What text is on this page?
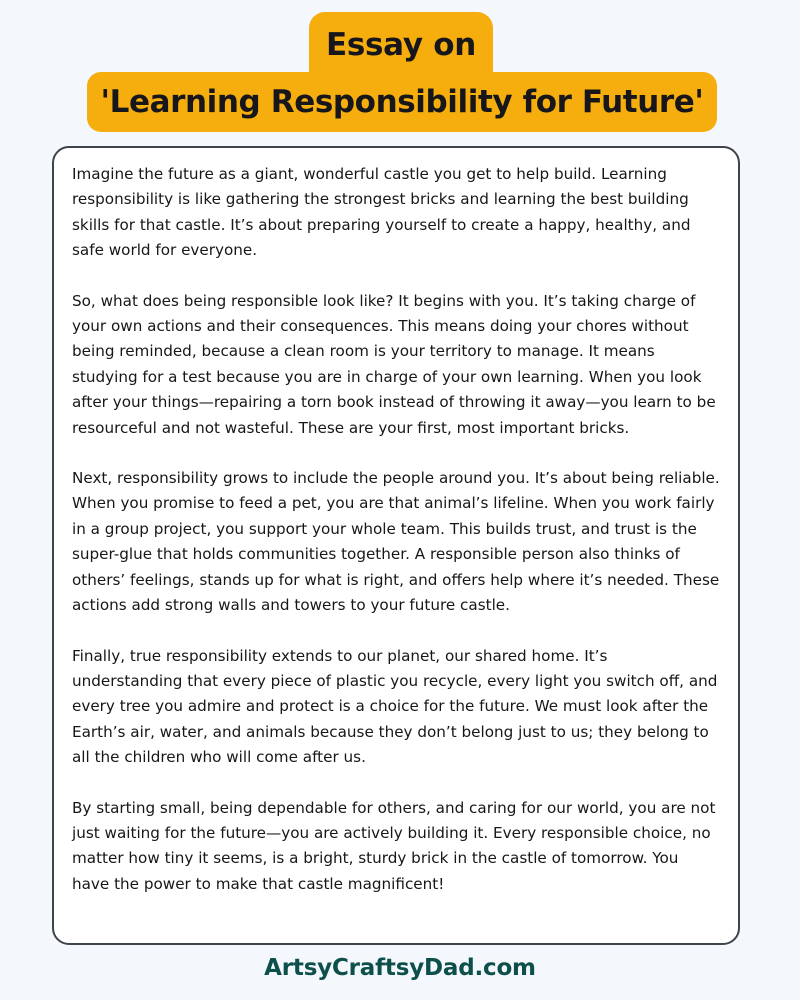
Essay on
'Learning Responsibility for Future'

Imagine the future as a giant, wonderful castle you get to help build. Learning responsibility is like gathering the strongest bricks and learning the best building skills for that castle. It’s about preparing yourself to create a happy, healthy, and safe world for everyone.

So, what does being responsible look like? It begins with you. It’s taking charge of your own actions and their consequences. This means doing your chores without being reminded, because a clean room is your territory to manage. It means studying for a test because you are in charge of your own learning. When you look after your things—repairing a torn book instead of throwing it away—you learn to be resourceful and not wasteful. These are your first, most important bricks.

Next, responsibility grows to include the people around you. It’s about being reliable. When you promise to feed a pet, you are that animal’s lifeline. When you work fairly in a group project, you support your whole team. This builds trust, and trust is the super-glue that holds communities together. A responsible person also thinks of others’ feelings, stands up for what is right, and offers help where it’s needed. These actions add strong walls and towers to your future castle.

Finally, true responsibility extends to our planet, our shared home. It’s understanding that every piece of plastic you recycle, every light you switch off, and every tree you admire and protect is a choice for the future. We must look after the Earth’s air, water, and animals because they don’t belong just to us; they belong to all the children who will come after us.

By starting small, being dependable for others, and caring for our world, you are not just waiting for the future—you are actively building it. Every responsible choice, no matter how tiny it seems, is a bright, sturdy brick in the castle of tomorrow. You have the power to make that castle magnificent!

ArtsyCraftsyDad.com
